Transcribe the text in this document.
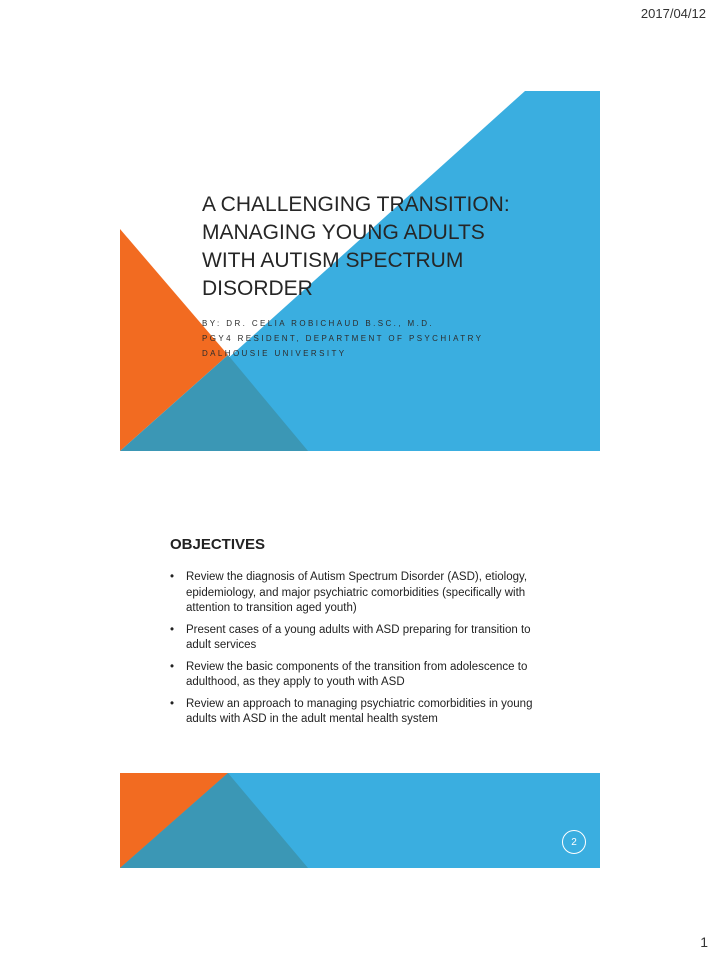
2017/04/12
A CHALLENGING TRANSITION: MANAGING YOUNG ADULTS WITH AUTISM SPECTRUM DISORDER
BY: DR. CELIA ROBICHAUD B.SC., M.D.
PGY4 RESIDENT, DEPARTMENT OF PSYCHIATRY
DALHOUSIE UNIVERSITY
OBJECTIVES
• Review the diagnosis of Autism Spectrum Disorder (ASD), etiology, epidemiology, and major psychiatric comorbidities (specifically with attention to transition aged youth)
• Present cases of a young adults with ASD preparing for transition to adult services
• Review the basic components of the transition from adolescence to adulthood, as they apply to youth with ASD
• Review an approach to managing psychiatric comorbidities in young adults with ASD in the adult mental health system
2
1
